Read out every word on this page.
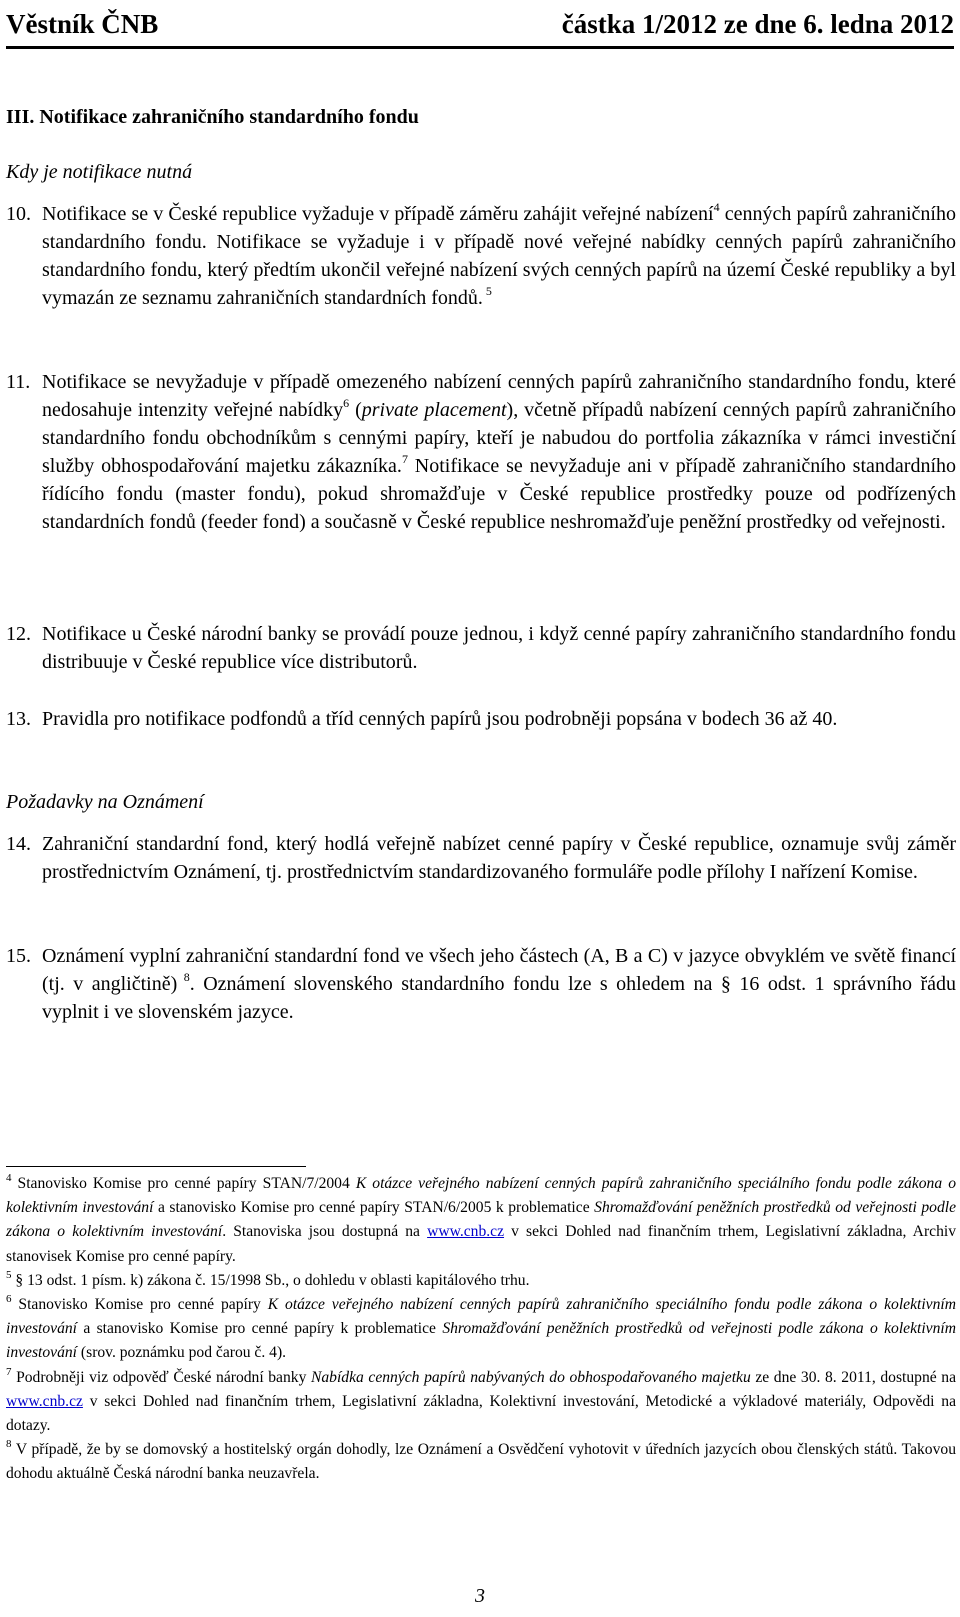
Věstník ČNB	částka 1/2012 ze dne 6. ledna 2012
III. Notifikace zahraničního standardního fondu
Kdy je notifikace nutná
10. Notifikace se v České republice vyžaduje v případě záměru zahájit veřejné nabízení$^4$ cenných papírů zahraničního standardního fondu. Notifikace se vyžaduje i v případě nové veřejné nabídky cenných papírů zahraničního standardního fondu, který předtím ukončil veřejné nabízení svých cenných papírů na území České republiky a byl vymazán ze seznamu zahraničních standardních fondů. $^5$
11. Notifikace se nevyžaduje v případě omezeného nabízení cenných papírů zahraničního standardního fondu, které nedosahuje intenzity veřejné nabídky$^6$ (private placement), včetně případů nabízení cenných papírů zahraničního standardního fondu obchodníkům s cennými papíry, kteří je nabudou do portfolia zákazníka v rámci investiční služby obhospodařování majetku zákazníka.$^7$ Notifikace se nevyžaduje ani v případě zahraničního standardního řídícího fondu (master fondu), pokud shromažďuje v České republice prostředky pouze od podřízených standardních fondů (feeder fond) a současně v České republice neshromažďuje peněžní prostředky od veřejnosti.
12. Notifikace u České národní banky se provádí pouze jednou, i když cenné papíry zahraničního standardního fondu distribuuje v České republice více distributorů.
13. Pravidla pro notifikace podfondů a tříd cenných papírů jsou podrobněji popsána v bodech 36 až 40.
Požadavky na Oznámení
14. Zahraniční standardní fond, který hodlá veřejně nabízet cenné papíry v České republice, oznamuje svůj záměr prostřednictvím Oznámení, tj. prostřednictvím standardizovaného formuláře podle přílohy I nařízení Komise.
15. Oznámení vyplní zahraniční standardní fond ve všech jeho částech (A, B a C) v jazyce obvyklém ve světě financí (tj. v angličtině) $^8$. Oznámení slovenského standardního fondu lze s ohledem na § 16 odst. 1 správního řádu vyplnit i ve slovenském jazyce.

$^4$ Stanovisko Komise pro cenné papíry STAN/7/2004 K otázce veřejného nabízení cenných papírů zahraničního speciálního fondu podle zákona o kolektivním investování a stanovisko Komise pro cenné papíry STAN/6/2005 k problematice Shromažďování peněžních prostředků od veřejnosti podle zákona o kolektivním investování. Stanoviska jsou dostupná na www.cnb.cz v sekci Dohled nad finančním trhem, Legislativní základna, Archiv stanovisek Komise pro cenné papíry.

$^5$ § 13 odst. 1 písm. k) zákona č. 15/1998 Sb., o dohledu v oblasti kapitálového trhu.

$^6$ Stanovisko Komise pro cenné papíry K otázce veřejného nabízení cenných papírů zahraničního speciálního fondu podle zákona o kolektivním investování a stanovisko Komise pro cenné papíry k problematice Shromažďování peněžních prostředků od veřejnosti podle zákona o kolektivním investování (srov. poznámku pod čarou č. 4).

$^7$ Podrobněji viz odpověď České národní banky Nabídka cenných papírů nabývaných do obhospodařovaného majetku ze dne 30. 8. 2011, dostupné na www.cnb.cz v sekci Dohled nad finančním trhem, Legislativní základna, Kolektivní investování, Metodické a výkladové materiály, Odpovědi na dotazy.

$^8$ V případě, že by se domovský a hostitelský orgán dohodly, lze Oznámení a Osvědčení vyhotovit v úředních jazycích obou členských států. Takovou dohodu aktuálně Česká národní banka neuzavřela.

3
